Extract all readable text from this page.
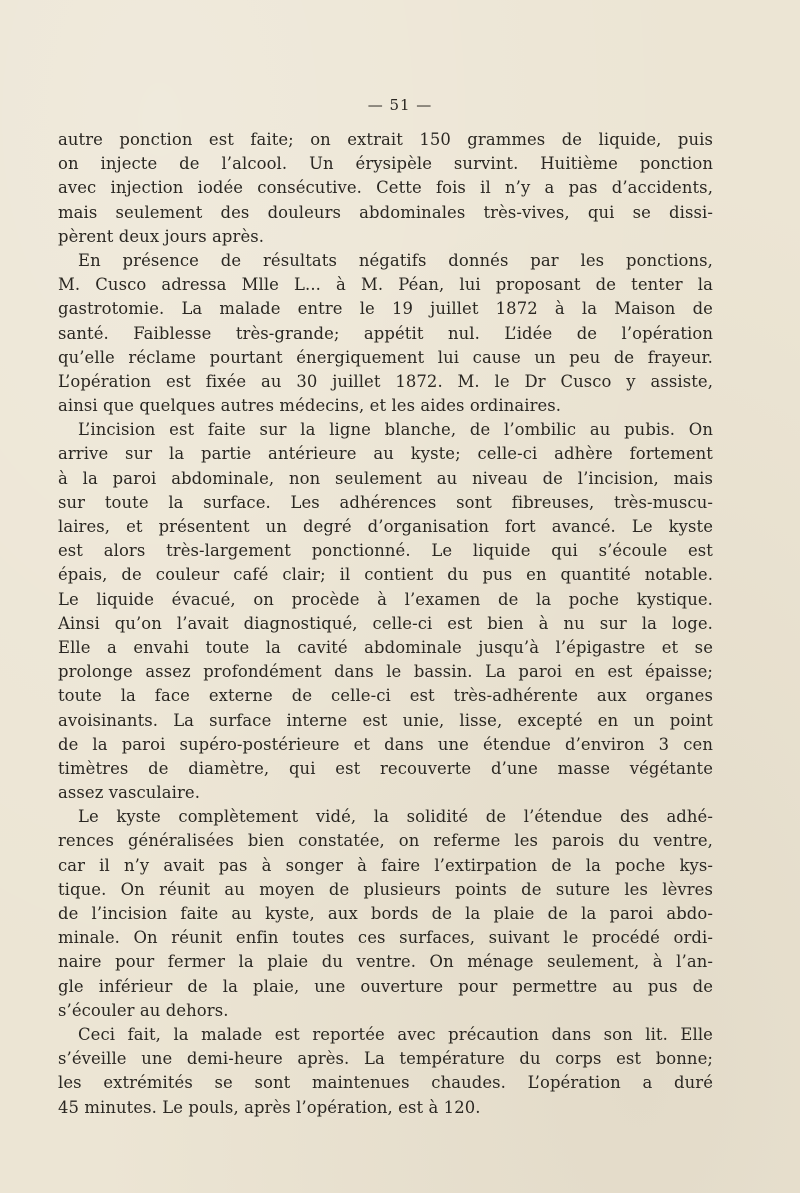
— 51 —
autre ponction est faite; on extrait 150 grammes de liquide, puis
on injecte de l’alcool. Un érysipèle survint. Huitième ponction
avec injection iodée consécutive. Cette fois il n’y a pas d’accidents,
mais seulement des douleurs abdominales très-vives, qui se dissi-
pèrent deux jours après.
En présence de résultats négatifs donnés par les ponctions,
M. Cusco adressa Mlle L... à M. Péan, lui proposant de tenter la
gastrotomie. La malade entre le 19 juillet 1872 à la Maison de
santé. Faiblesse très-grande; appétit nul. L’idée de l’opération
qu’elle réclame pourtant énergiquement lui cause un peu de frayeur.
L’opération est fixée au 30 juillet 1872. M. le Dr Cusco y assiste,
ainsi que quelques autres médecins, et les aides ordinaires.
L’incision est faite sur la ligne blanche, de l’ombilic au pubis. On
arrive sur la partie antérieure au kyste; celle-ci adhère fortement
à la paroi abdominale, non seulement au niveau de l’incision, mais
sur toute la surface. Les adhérences sont fibreuses, très-muscu-
laires, et présentent un degré d’organisation fort avancé. Le kyste
est alors très-largement ponctionné. Le liquide qui s’écoule est
épais, de couleur café clair; il contient du pus en quantité notable.
Le liquide évacué, on procède à l’examen de la poche kystique.
Ainsi qu’on l’avait diagnostiqué, celle-ci est bien à nu sur la loge.
Elle a envahi toute la cavité abdominale jusqu’à l’épigastre et se
prolonge assez profondément dans le bassin. La paroi en est épaisse;
toute la face externe de celle-ci est très-adhérente aux organes
avoisinants. La surface interne est unie, lisse, excepté en un point
de la paroi supéro-postérieure et dans une étendue d’environ 3 cen
timètres de diamètre, qui est recouverte d’une masse végétante
assez vasculaire.
Le kyste complètement vidé, la solidité de l’étendue des adhé-
rences généralisées bien constatée, on referme les parois du ventre,
car il n’y avait pas à songer à faire l’extirpation de la poche kys-
tique. On réunit au moyen de plusieurs points de suture les lèvres
de l’incision faite au kyste, aux bords de la plaie de la paroi abdo-
minale. On réunit enfin toutes ces surfaces, suivant le procédé ordi-
naire pour fermer la plaie du ventre. On ménage seulement, à l’an-
gle inférieur de la plaie, une ouverture pour permettre au pus de
s’écouler au dehors.
Ceci fait, la malade est reportée avec précaution dans son lit. Elle
s’éveille une demi-heure après. La température du corps est bonne;
les extrémités se sont maintenues chaudes. L’opération a duré
45 minutes. Le pouls, après l’opération, est à 120.
